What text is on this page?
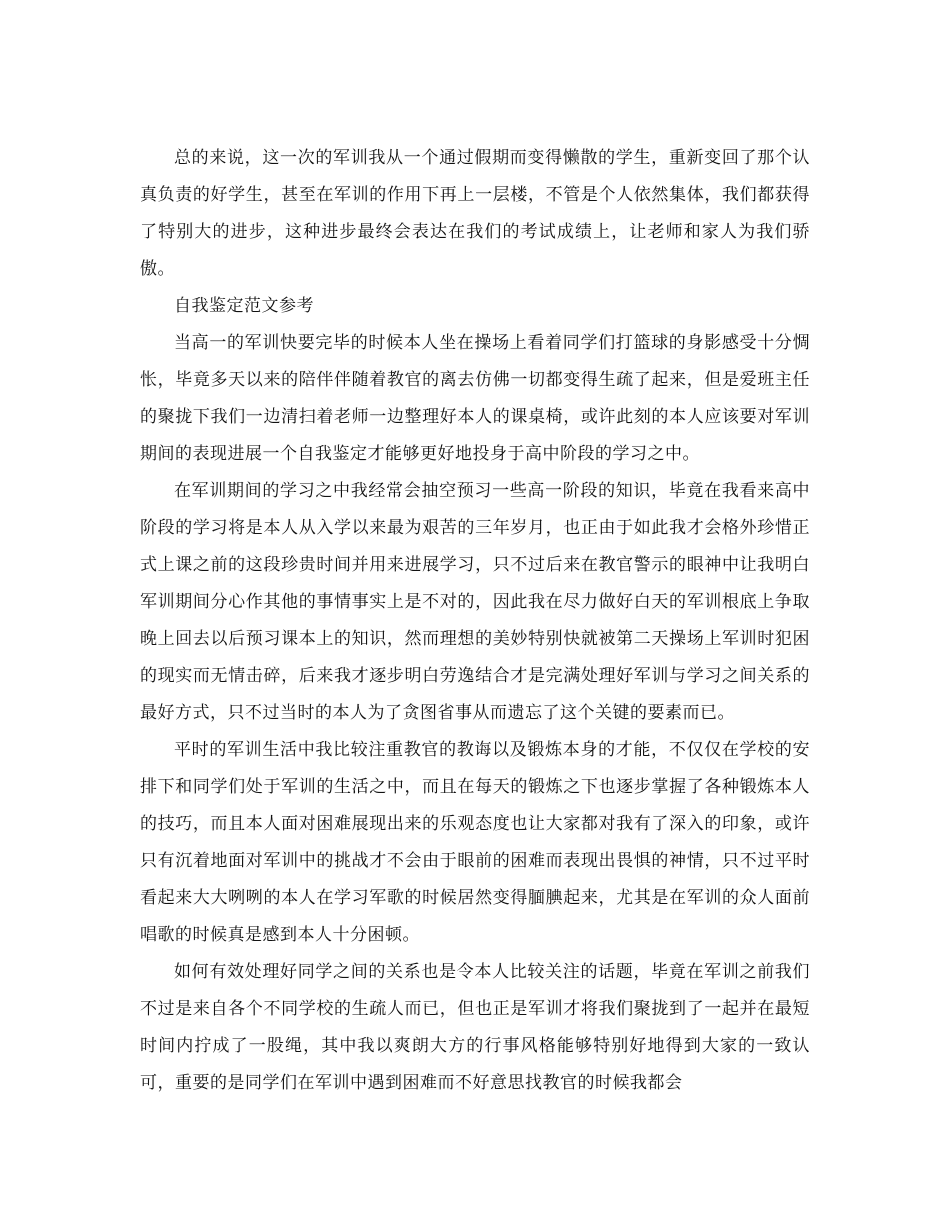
总的来说，这一次的军训我从一个通过假期而变得懒散的学生，重新变回了那个认真负责的好学生，甚至在军训的作用下再上一层楼，不管是个人依然集体，我们都获得了特别大的进步，这种进步最终会表达在我们的考试成绩上，让老师和家人为我们骄傲。

自我鉴定范文参考

当高一的军训快要完毕的时候本人坐在操场上看着同学们打篮球的身影感受十分惆怅，毕竟多天以来的陪伴伴随着教官的离去仿佛一切都变得生疏了起来，但是爱班主任的聚拢下我们一边清扫着老师一边整理好本人的课桌椅，或许此刻的本人应该要对军训期间的表现进展一个自我鉴定才能够更好地投身于高中阶段的学习之中。

在军训期间的学习之中我经常会抽空预习一些高一阶段的知识，毕竟在我看来高中阶段的学习将是本人从入学以来最为艰苦的三年岁月，也正由于如此我才会格外珍惜正式上课之前的这段珍贵时间并用来进展学习，只不过后来在教官警示的眼神中让我明白军训期间分心作其他的事情事实上是不对的，因此我在尽力做好白天的军训根底上争取晚上回去以后预习课本上的知识，然而理想的美妙特别快就被第二天操场上军训时犯困的现实而无情击碎，后来我才逐步明白劳逸结合才是完满处理好军训与学习之间关系的最好方式，只不过当时的本人为了贪图省事从而遗忘了这个关键的要素而已。

平时的军训生活中我比较注重教官的教诲以及锻炼本身的才能，不仅仅在学校的安排下和同学们处于军训的生活之中，而且在每天的锻炼之下也逐步掌握了各种锻炼本人的技巧，而且本人面对困难展现出来的乐观态度也让大家都对我有了深入的印象，或许只有沉着地面对军训中的挑战才不会由于眼前的困难而表现出畏惧的神情，只不过平时看起来大大咧咧的本人在学习军歌的时候居然变得腼腆起来，尤其是在军训的众人面前唱歌的时候真是感到本人十分困顿。

如何有效处理好同学之间的关系也是令本人比较关注的话题，毕竟在军训之前我们不过是来自各个不同学校的生疏人而已，但也正是军训才将我们聚拢到了一起并在最短时间内拧成了一股绳，其中我以爽朗大方的行事风格能够特别好地得到大家的一致认可，重要的是同学们在军训中遇到困难而不好意思找教官的时候我都会
